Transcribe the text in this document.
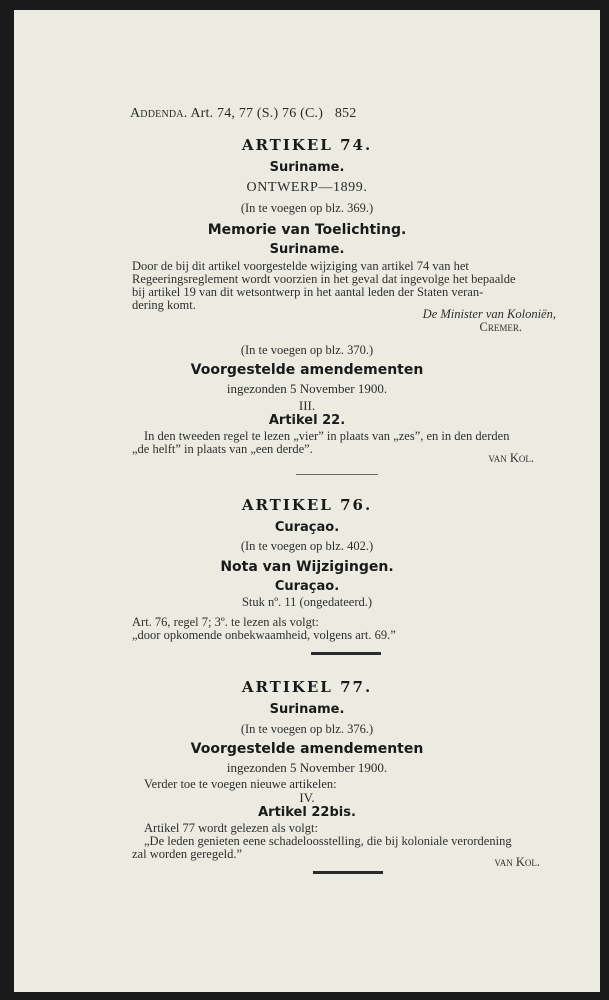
Addenda. Art. 74, 77 (S.) 76 (C.) 852
ARTIKEL 74.
Suriname.
ONTWERP—1899.
(In te voegen op blz. 369.)
Memorie van Toelichting.
Suriname.
Door de bij dit artikel voorgestelde wijziging van artikel 74 van het
Regeeringsreglement wordt voorzien in het geval dat ingevolge het bepaalde
bij artikel 19 van dit wetsontwerp in het aantal leden der Staten veran-
dering komt.
De Minister van Koloniën,
Cremer.
(In te voegen op blz. 370.)
Voorgestelde amendementen
ingezonden 5 November 1900.
III.
Artikel 22.
In den tweeden regel te lezen „vier” in plaats van „zes”, en in den derden
„de helft” in plaats van „een derde”.
van Kol.
ARTIKEL 76.
Curaçao.
(In te voegen op blz. 402.)
Nota van Wijzigingen.
Curaçao.
Stuk nº. 11 (ongedateerd.)
Art. 76, regel 7; 3º. te lezen als volgt:
„door opkomende onbekwaamheid, volgens art. 69.”
ARTIKEL 77.
Suriname.
(In te voegen op blz. 376.)
Voorgestelde amendementen
ingezonden 5 November 1900.
Verder toe te voegen nieuwe artikelen:
IV.
Artikel 22bis.
Artikel 77 wordt gelezen als volgt:
„De leden genieten eene schadeloosstelling, die bij koloniale verordening
zal worden geregeld.”
van Kol.
